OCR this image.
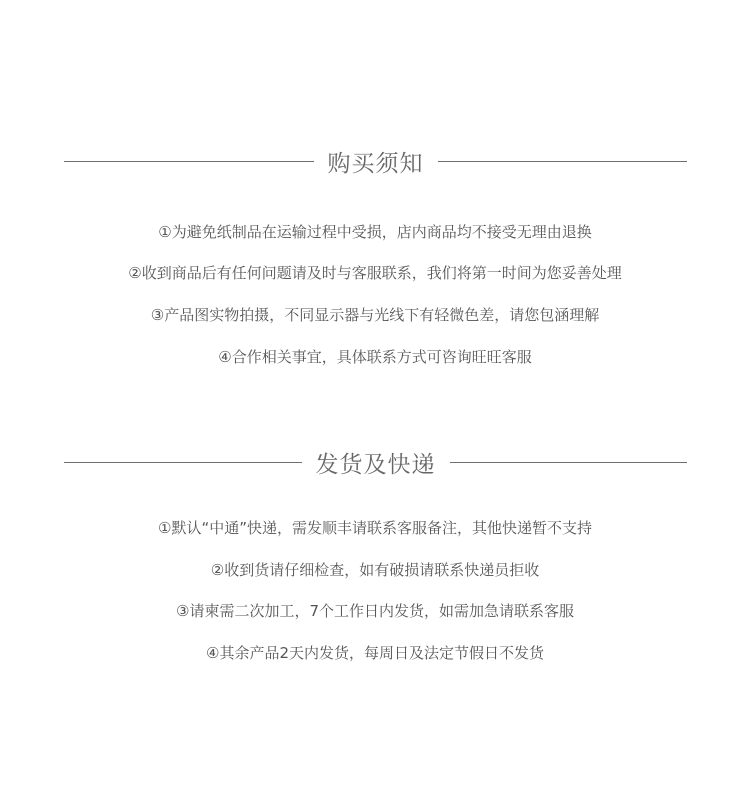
购买须知
①为避免纸制品在运输过程中受损，店内商品均不接受无理由退换
②收到商品后有任何问题请及时与客服联系，我们将第一时间为您妥善处理
③产品图实物拍摄，不同显示器与光线下有轻微色差，请您包涵理解
④合作相关事宜，具体联系方式可咨询旺旺客服
发货及快递
①默认“中通”快递，需发顺丰请联系客服备注，其他快递暂不支持
②收到货请仔细检查，如有破损请联系快递员拒收
③请柬需二次加工，7个工作日内发货，如需加急请联系客服
④其余产品2天内发货，每周日及法定节假日不发货
